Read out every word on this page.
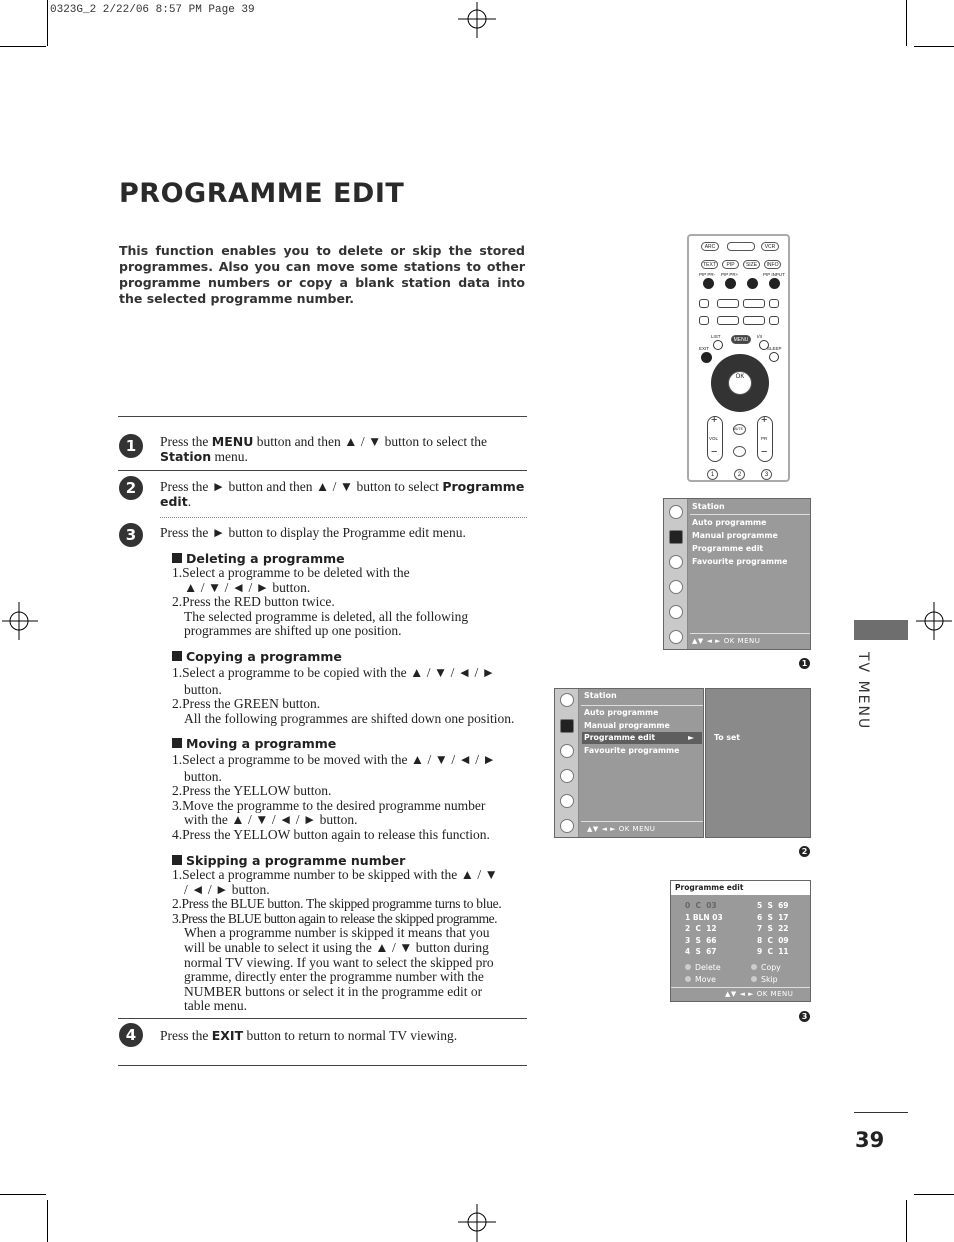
0323G_2 2/22/06 8:57 PM Page 39
PROGRAMME EDIT

This function enables you to delete or skip the stored programmes. Also you can move some stations to other programme numbers or copy a blank station data into the selected programme number.

TV MENU
39
1	Press the MENU button and then ▲ / ▼ button to select the Station menu.
2	Press the ► button and then ▲ / ▼ button to select Programme edit.
3	Press the ► button to display the Programme edit menu.
Deleting a programme
1.Select a programme to be deleted with the
▲ / ▼ / ◄ / ► button.
2.Press the RED button twice.
The selected programme is deleted, all the following
programmes are shifted up one position.
Copying a programme
1.Select a programme to be copied with the ▲ / ▼ / ◄ / ►
button.
2.Press the GREEN button.
All the following programmes are shifted down one position.
Moving a programme
1.Select a programme to be moved with the ▲ / ▼ / ◄ / ►
button.
2.Press the YELLOW button.
3.Move the programme to the desired programme number
with the ▲ / ▼ / ◄ / ► button.
4.Press the YELLOW button again to release this function.
Skipping a programme number
1.Select a programme number to be skipped with the ▲ / ▼
/ ◄ / ► button.
2.Press the BLUE button. The skipped programme turns to blue.
3.Press the BLUE button again to release the skipped programme.
When a programme number is skipped it means that you
will be unable to select it using the ▲ / ▼ button during
normal TV viewing. If you want to select the skipped pro
gramme, directly enter the programme number with the
NUMBER buttons or select it in the programme edit or
table menu.
4	Press the EXIT button to return to normal TV viewing.
ARC	VCR
TEXT	PIP	SIZE	INFO
PIP PR- PIP PR+	PIP INPUT
LIST	I/II
MENU
EXIT	SLEEP
OK
+	+
VOL	PR
−	−
MUTE
1	2	3
Station
Auto programme
Manual programme
Programme edit
Favourite programme
▲▼ ◄ ► OK MENU
1
Station
Auto programme
Manual programme
Programme edit	►
Favourite programme
▲▼ ◄ ► OK MENU
To set
2
Programme edit
0 C 03
1 BLN 03
2 C 12
3 S 66
4 S 67
5 S 69
6 S 17
7 S 22
8 C 09
9 C 11
Delete	Copy
Move	Skip
▲▼ ◄ ► OK MENU
3
